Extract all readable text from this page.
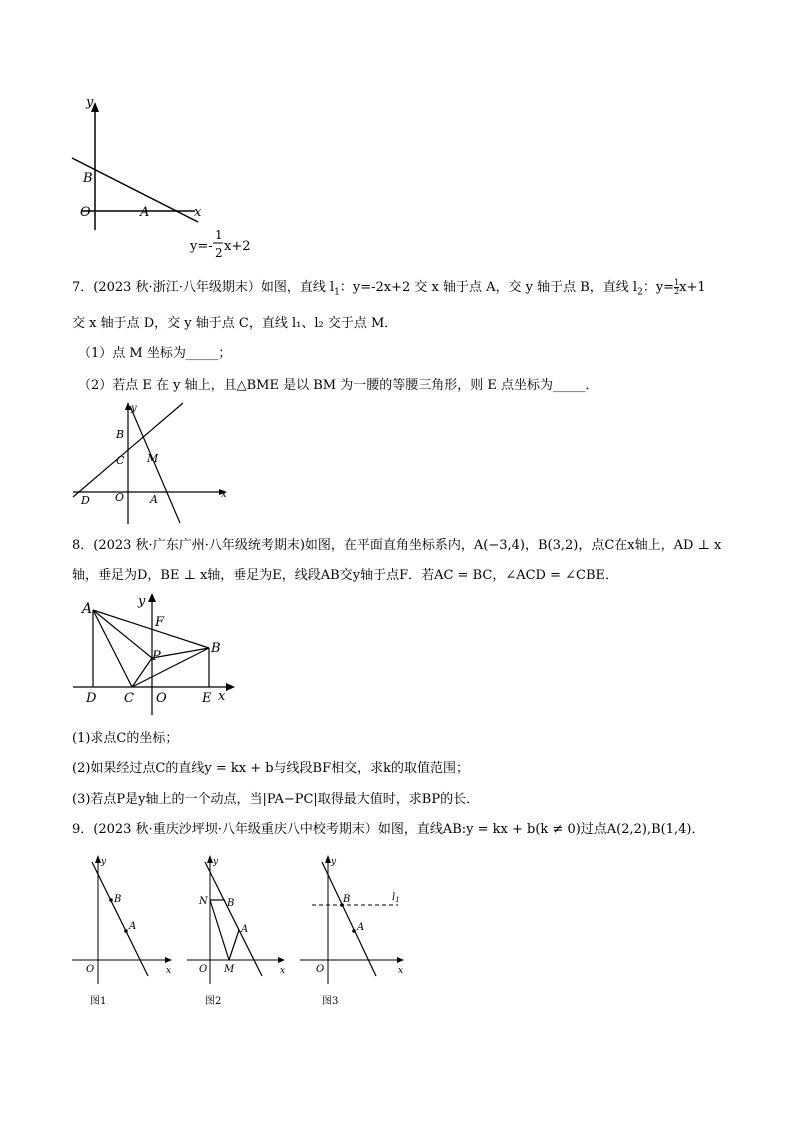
y
B
O	A	x
y=-
1
2 x+2
7．(2023 秋·浙江·八年级期末）如图，直线 $l_1$：y=-2x+2 交 x 轴于点 A，交 y 轴于点 B，直线 $l_2$：$y= \frac{1}{2} x+1$
交 x 轴于点 D，交 y 轴于点 C，直线 l₁、l₂ 交于点 M．
（1）点 M 坐标为_____；
（2）若点 E 在 y 轴上，且△BME 是以 BM 为一腰的等腰三角形，则 E 点坐标为_____．
y
B
C M
D O A	x
8．(2023 秋·广东广州·八年级统考期末)如图，在平面直角坐标系内，A(−3,4)，B(3,2)，点C在x轴上，AD ⊥ x
轴，垂足为D，BE ⊥ x轴，垂足为E，线段AB交y轴于点F．若AC = BC，∠ACD = ∠CBE．
A	y
F
B
P
D C O	E x
(1)求点C的坐标；
(2)如果经过点C的直线y = kx + b与线段BF相交，求k的取值范围；
(3)若点P是y轴上的一个动点，当|PA−PC|取得最大值时，求BP的长．
9．(2023 秋·重庆沙坪坝·八年级重庆八中校考期末）如图，直线AB:y = kx + b(k ≠ 0)过点A(2,2),B(1,4)．
y
B
A
O	x
图1
y
N B
A
O M	x
图2
y
B	$l_1$
A
O	x
图3
